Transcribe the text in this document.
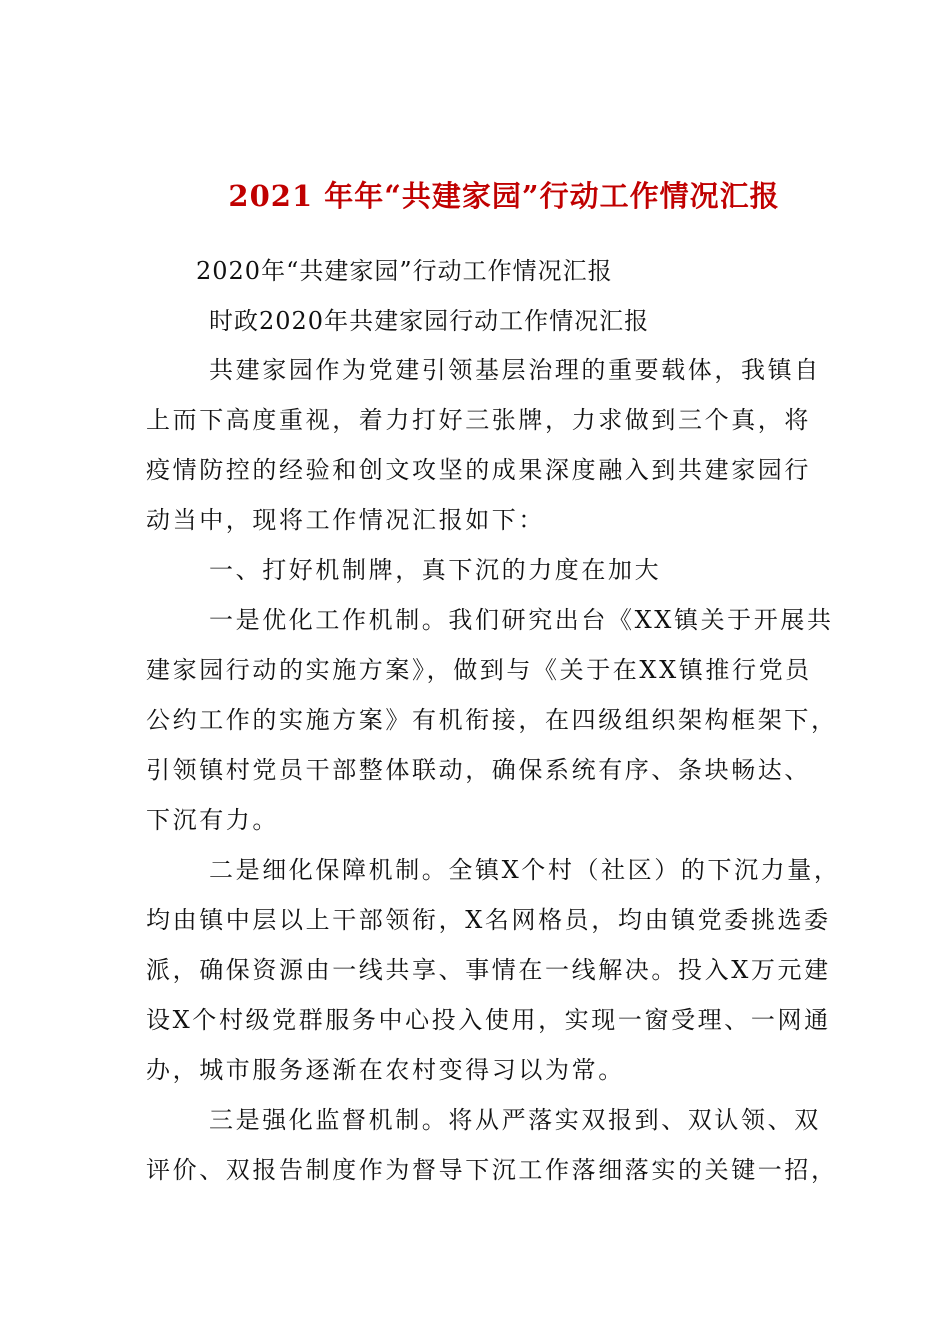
2021 年年“共建家园”行动工作情况汇报
2020年“共建家园”行动工作情况汇报
时政2020年共建家园行动工作情况汇报
共建家园作为党建引领基层治理的重要载体，我镇自
上而下高度重视，着力打好三张牌，力求做到三个真，将
疫情防控的经验和创文攻坚的成果深度融入到共建家园行
动当中，现将工作情况汇报如下：
一、打好机制牌，真下沉的力度在加大
一是优化工作机制。我们研究出台《XX镇关于开展共
建家园行动的实施方案》，做到与《关于在XX镇推行党员
公约工作的实施方案》有机衔接，在四级组织架构框架下，
引领镇村党员干部整体联动，确保系统有序、条块畅达、
下沉有力。
二是细化保障机制。全镇X个村（社区）的下沉力量，
均由镇中层以上干部领衔，X名网格员，均由镇党委挑选委
派，确保资源由一线共享、事情在一线解决。投入X万元建
设X个村级党群服务中心投入使用，实现一窗受理、一网通
办，城市服务逐渐在农村变得习以为常。
三是强化监督机制。将从严落实双报到、双认领、双
评价、双报告制度作为督导下沉工作落细落实的关键一招，
